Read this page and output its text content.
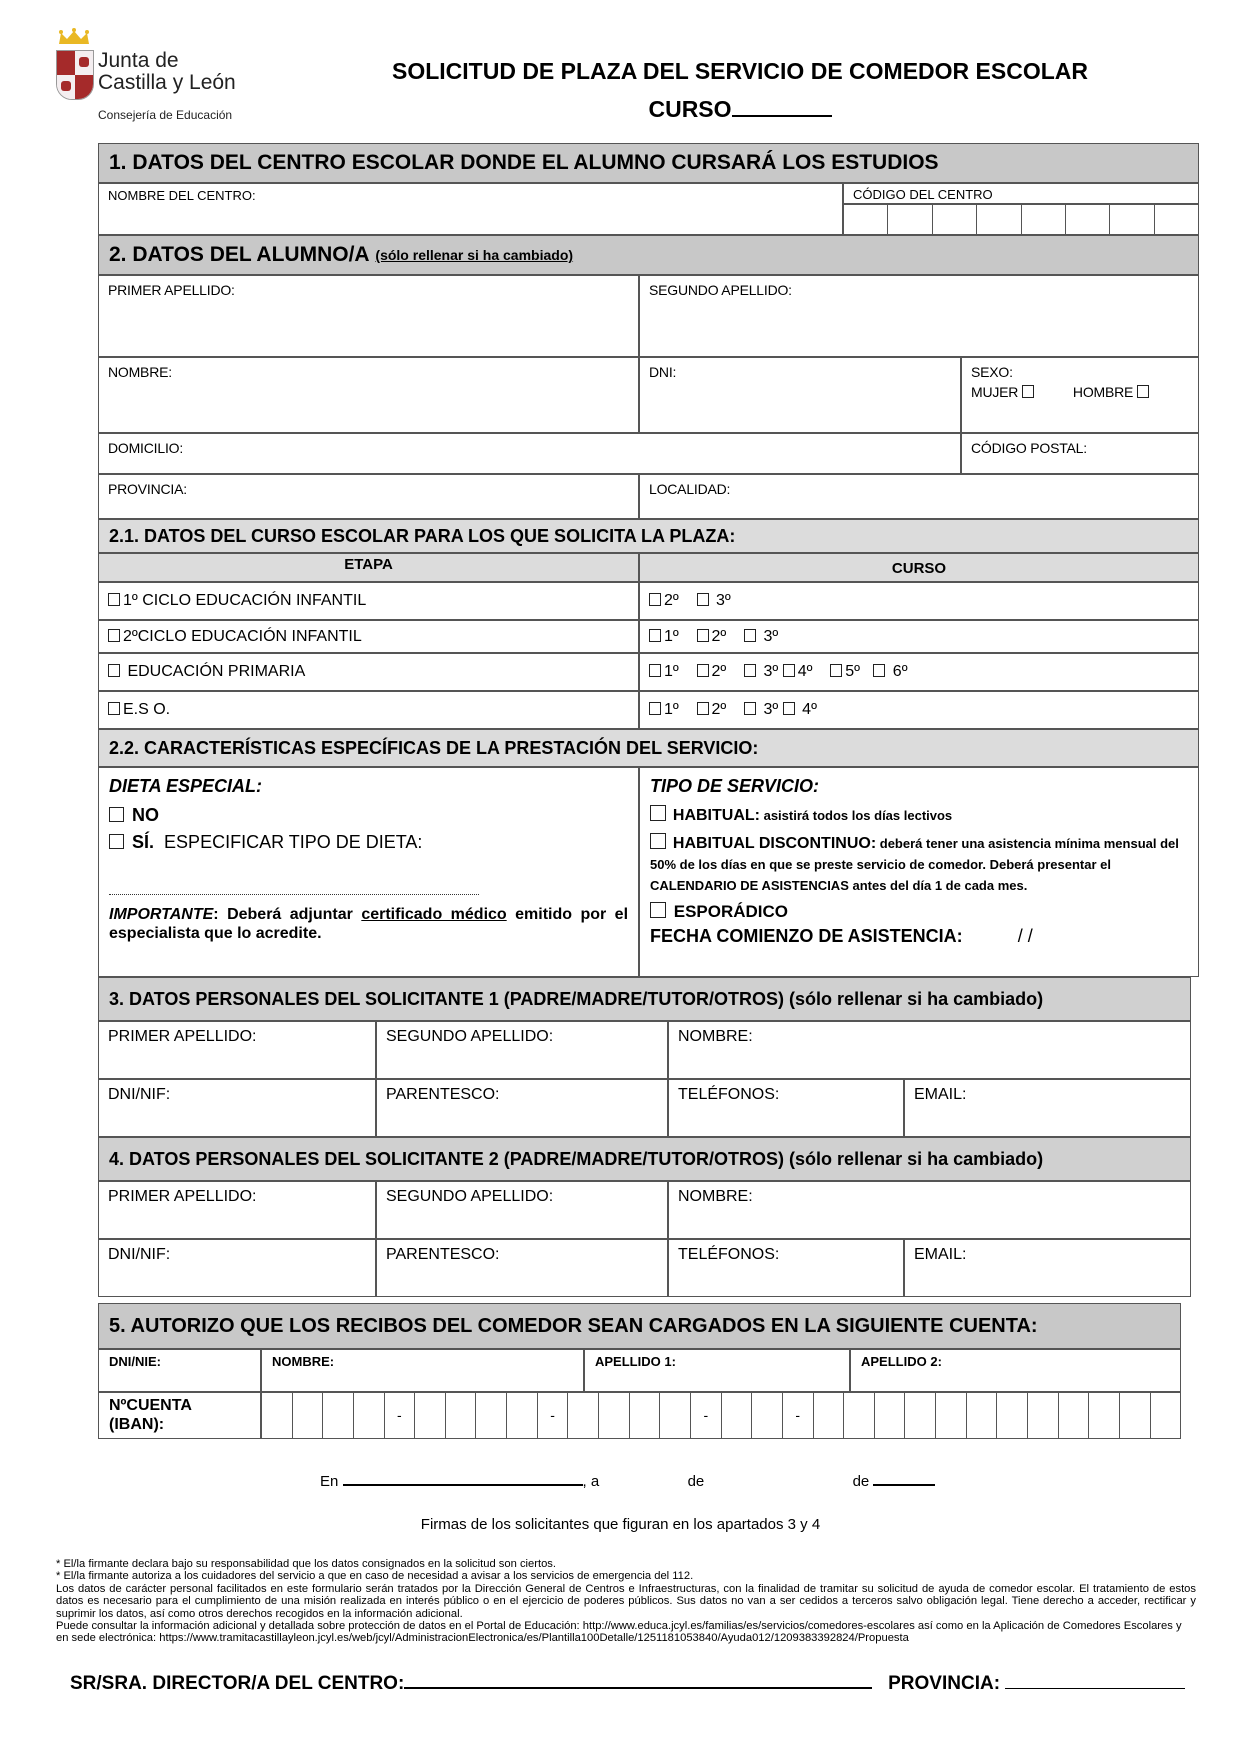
Junta de
Castilla y León
Consejería de Educación
SOLICITUD DE PLAZA DEL SERVICIO DE COMEDOR ESCOLAR
CURSO
1. DATOS DEL CENTRO ESCOLAR DONDE EL ALUMNO CURSARÁ LOS ESTUDIOS
NOMBRE DEL CENTRO:	CÓDIGO DEL CENTRO
2. DATOS DEL ALUMNO/A
(sólo rellenar si ha cambiado)
PRIMER APELLIDO:	SEGUNDO APELLIDO:
NOMBRE:	DNI:	SEXO:
MUJER	HOMBRE
DOMICILIO:	CÓDIGO POSTAL:
PROVINCIA:	LOCALIDAD:
2.1. DATOS DEL CURSO ESCOLAR PARA LOS QUE SOLICITA LA PLAZA:
ETAPA	CURSO
1º CICLO EDUCACIÓN INFANTIL	2º 3º
2ºCICLO EDUCACIÓN INFANTIL	1º 2º 3º
EDUCACIÓN PRIMARIA	1º 2º 3º 4º 5º 6º
E.S O.	1º 2º 3º 4º
2.2. CARACTERÍSTICAS ESPECÍFICAS DE LA PRESTACIÓN DEL SERVICIO:
DIETA ESPECIAL:
NO
SÍ. ESPECIFICAR TIPO DE DIETA:
IMPORTANTE: Deberá adjuntar certificado médico emitido por el especialista que lo acredite.
TIPO DE SERVICIO:
HABITUAL: asistirá todos los días lectivos
HABITUAL DISCONTINUO: deberá tener una asistencia mínima mensual del 50% de los días en que se preste servicio de comedor. Deberá presentar el CALENDARIO DE ASISTENCIAS antes del día 1 de cada mes.
ESPORÁDICO
FECHA COMIENZO DE ASISTENCIA:	/ /
3. DATOS PERSONALES DEL SOLICITANTE 1 (PADRE/MADRE/TUTOR/OTROS) (sólo rellenar si ha cambiado)
PRIMER APELLIDO:	SEGUNDO APELLIDO:	NOMBRE:
DNI/NIF:	PARENTESCO:	TELÉFONOS:	EMAIL:
4. DATOS PERSONALES DEL SOLICITANTE 2 (PADRE/MADRE/TUTOR/OTROS) (sólo rellenar si ha cambiado)
PRIMER APELLIDO:	SEGUNDO APELLIDO:	NOMBRE:
DNI/NIF:	PARENTESCO:	TELÉFONOS:	EMAIL:
5. AUTORIZO QUE LOS RECIBOS DEL COMEDOR SEAN CARGADOS EN LA SIGUIENTE CUENTA:
DNI/NIE:	NOMBRE:	APELLIDO 1:	APELLIDO 2:
NºCUENTA (IBAN):
-	-	-	-
En	, a	de	de
Firmas de los solicitantes que figuran en los apartados 3 y 4
* El/la firmante declara bajo su responsabilidad que los datos consignados en la solicitud son ciertos.
* El/la firmante autoriza a los cuidadores del servicio a que en caso de necesidad a avisar a los servicios de emergencia del 112.
Los datos de carácter personal facilitados en este formulario serán tratados por la Dirección General de Centros e Infraestructuras, con la finalidad de tramitar su solicitud de ayuda de comedor escolar. El tratamiento de estos datos es necesario para el cumplimiento de una misión realizada en interés público o en el ejercicio de poderes públicos. Sus datos no van a ser cedidos a terceros salvo obligación legal. Tiene derecho a acceder, rectificar y suprimir los datos, así como otros derechos recogidos en la información adicional.
Puede consultar la información adicional y detallada sobre protección de datos en el Portal de Educación: http://www.educa.jcyl.es/familias/es/servicios/comedores-escolares así como en la Aplicación de Comedores Escolares y en sede electrónica: https://www.tramitacastillayleon.jcyl.es/web/jcyl/AdministracionElectronica/es/Plantilla100Detalle/1251181053840/Ayuda012/1209383392824/Propuesta
SR/SRA. DIRECTOR/A DEL CENTRO:	PROVINCIA:
